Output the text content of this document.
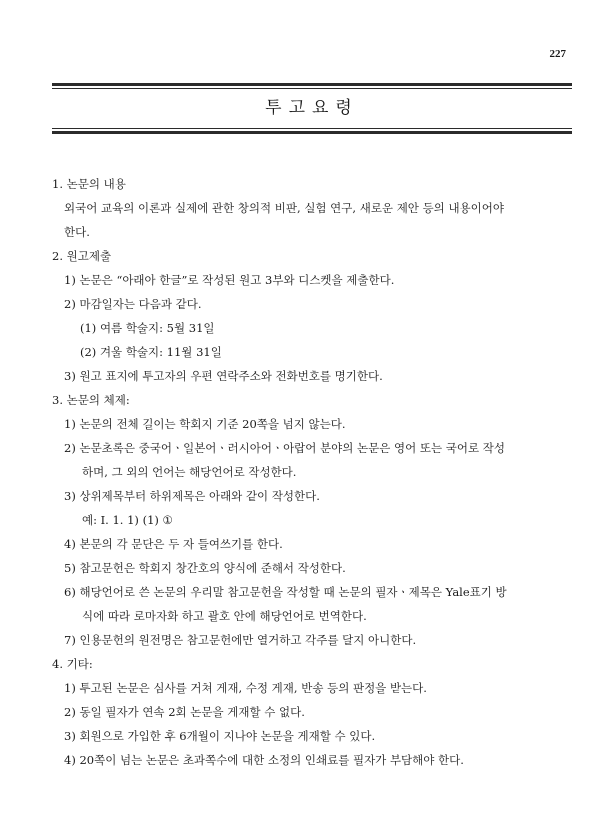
227
투고요령
1. 논문의 내용
외국어 교육의 이론과 실제에 관한 창의적 비판, 실험 연구, 새로운 제안 등의 내용이어야
한다.
2. 원고제출
1) 논문은 “아래아 한글”로 작성된 원고 3부와 디스켓을 제출한다.
2) 마감일자는 다음과 같다.
(1) 여름 학술지: 5월 31일
(2) 겨울 학술지: 11월 31일
3) 원고 표지에 투고자의 우편 연락주소와 전화번호를 명기한다.
3. 논문의 체제:
1) 논문의 전체 길이는 학회지 기준 20쪽을 넘지 않는다.
2) 논문초록은 중국어ㆍ일본어ㆍ러시아어ㆍ아랍어 분야의 논문은 영어 또는 국어로 작성
하며, 그 외의 언어는 해당언어로 작성한다.
3) 상위제목부터 하위제목은 아래와 같이 작성한다.
예: I. 1. 1) (1) ①
4) 본문의 각 문단은 두 자 들여쓰기를 한다.
5) 참고문헌은 학회지 창간호의 양식에 준해서 작성한다.
6) 해당언어로 쓴 논문의 우리말 참고문헌을 작성할 때 논문의 필자ㆍ제목은 Yale표기 방
식에 따라 로마자화 하고 괄호 안에 해당언어로 번역한다.
7) 인용문헌의 원전명은 참고문헌에만 열거하고 각주를 달지 아니한다.
4. 기타:
1) 투고된 논문은 심사를 거쳐 게재, 수정 게재, 반송 등의 판정을 받는다.
2) 동일 필자가 연속 2회 논문을 게재할 수 없다.
3) 회원으로 가입한 후 6개월이 지나야 논문을 게재할 수 있다.
4) 20쪽이 넘는 논문은 초과쪽수에 대한 소정의 인쇄료를 필자가 부담해야 한다.
